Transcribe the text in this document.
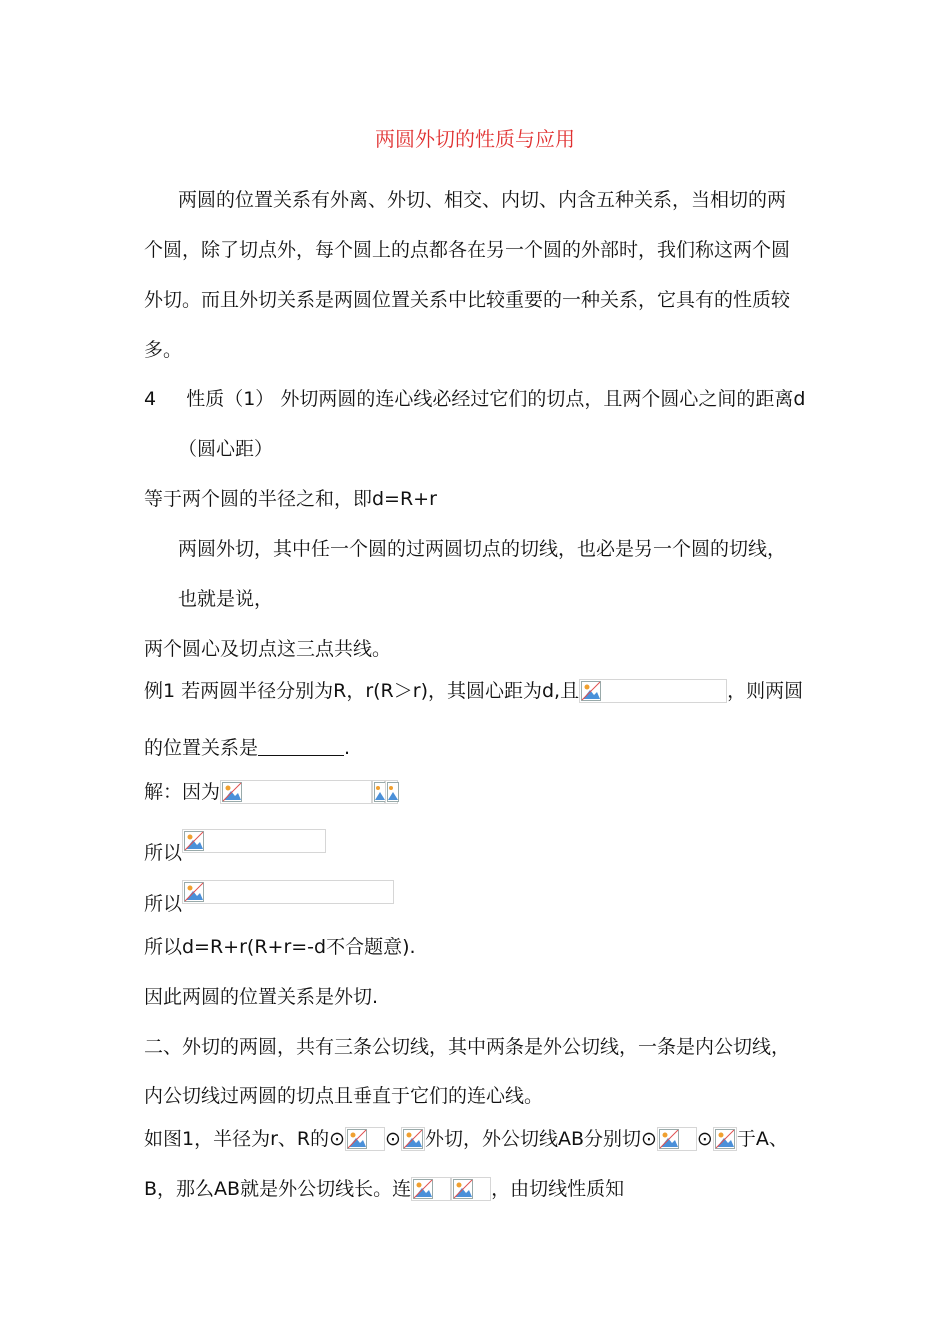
两圆外切的性质与应用
两圆的位置关系有外离、外切、相交、内切、内含五种关系，当相切的两
个圆，除了切点外，每个圆上的点都各在另一个圆的外部时，我们称这两个圆
外切。而且外切关系是两圆位置关系中比较重要的一种关系，它具有的性质较
多。
4 性质（1） 外切两圆的连心线必经过它们的切点，且两个圆心之间的距离d
（圆心距）
等于两个圆的半径之和，即d=R+r
两圆外切，其中任一个圆的过两圆切点的切线，也必是另一个圆的切线，
也就是说，
两个圆心及切点这三点共线。
例1 若两圆半径分别为R，r(R＞r)，其圆心距为d,且	，则两圆
的位置关系是	.
解：因为
所以
所以
所以d=R+r(R+r=-d不合题意).
因此两圆的位置关系是外切.
二、外切的两圆，共有三条公切线，其中两条是外公切线，一条是内公切线，
内公切线过两圆的切点且垂直于它们的连心线。
如图1，半径为r、R的⊙ ⊙ 外切，外公切线AB分别切⊙ ⊙ 于A、
B，那么AB就是外公切线长。连	，由切线性质知
